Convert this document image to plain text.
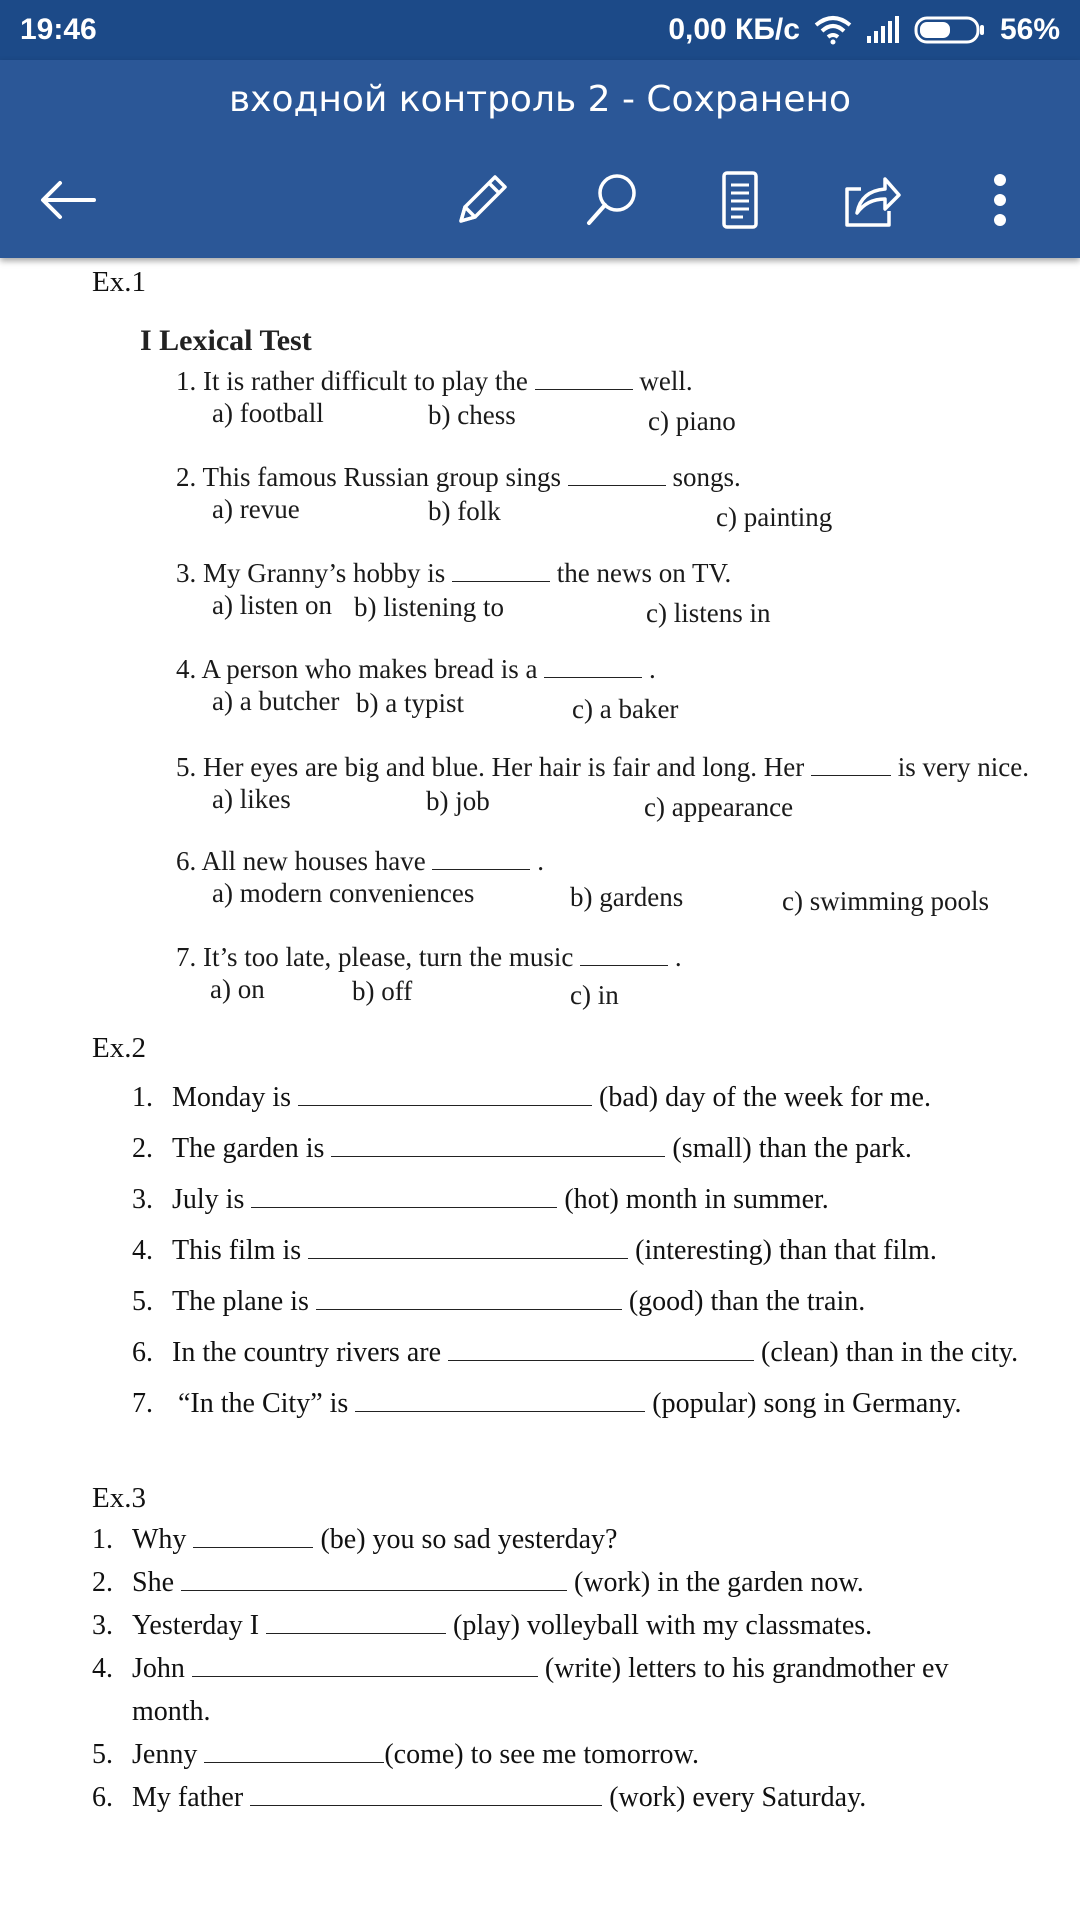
19:46	0,00 КБ/с	56%
входной контроль 2 - Сохранено
Ex.1
I Lexical Test
1. It is rather difficult to play the	well.
a) football	b) chess	c) piano
2. This famous Russian group sings	songs.
a) revue	b) folk	c) painting
3. My Granny’s hobby is	the news on TV.
a) listen on b) listening to	c) listens in
4. A person who makes bread is a	.
a) a butcher b) a typist	c) a baker
5. Her eyes are big and blue. Her hair is fair and long. Her	is very nice.
a) likes	b) job	c) appearance
6. All new houses have	.
a) modern conveniences	b) gardens	c) swimming pools
7. It’s too late, please, turn the music	.
a) on	b) off	c) in
Ex.2
1. Monday is	(bad) day of the week for me.
2. The garden is	(small) than the park.
3. July is	(hot) month in summer.
4. This film is	(interesting) than that film.
5. The plane is	(good) than the train.
6. In the country rivers are	(clean) than in the city.
7. “In the City” is	(popular) song in Germany.
Ex.3
1. Why	(be) you so sad yesterday?
2. She	(work) in the garden now.
3. Yesterday I	(play) volleyball with my classmates.
4. John	(write) letters to his grandmother ev
month.
5. Jenny	(come) to see me tomorrow.
6. My father	(work) every Saturday.
